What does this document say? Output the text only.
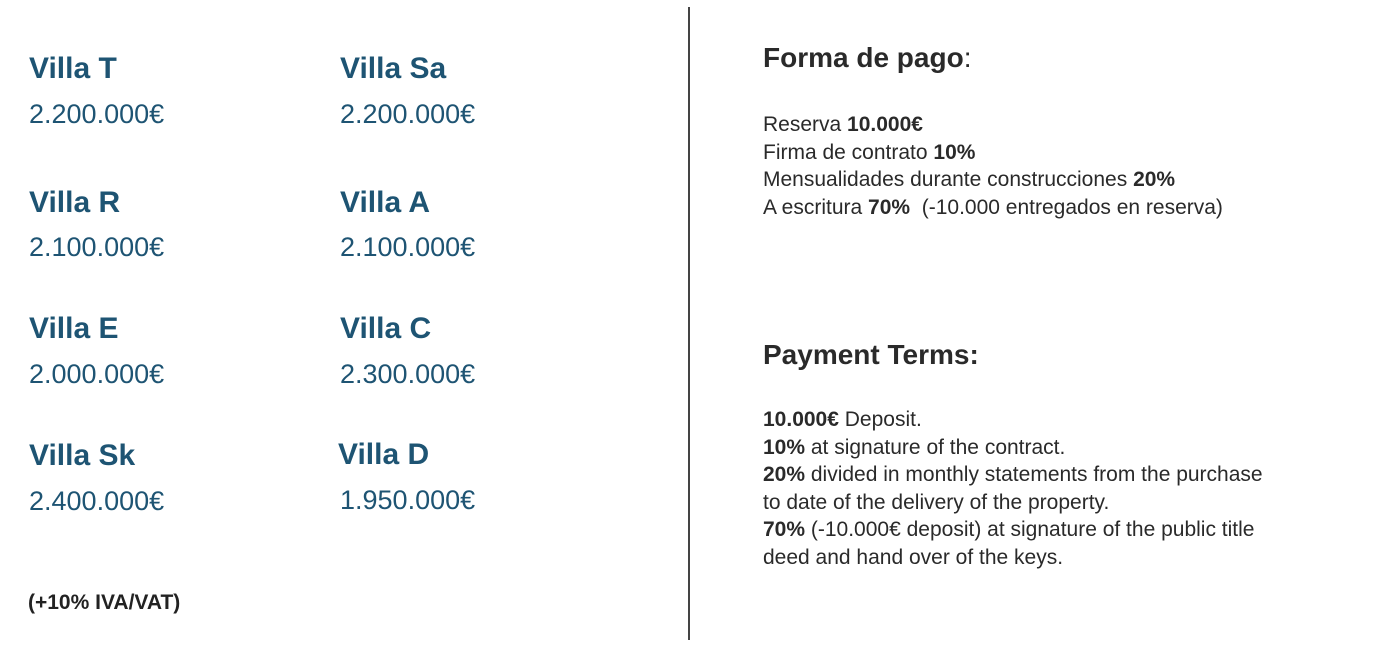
Villa T
2.200.000€
Villa Sa
2.200.000€
Villa R
2.100.000€
Villa A
2.100.000€
Villa E
2.000.000€
Villa C
2.300.000€
Villa Sk
2.400.000€
Villa D
1.950.000€
(+10% IVA/VAT)
Forma de pago:
Reserva 10.000€
Firma de contrato 10%
Mensualidades durante construcciones 20%
A escritura 70%  (-10.000 entregados en reserva)
Payment Terms:
10.000€ Deposit.
10% at signature of the contract.
20% divided in monthly statements from the purchase
to date of the delivery of the property.
70% (-10.000€ deposit) at signature of the public title
deed and hand over of the keys.
